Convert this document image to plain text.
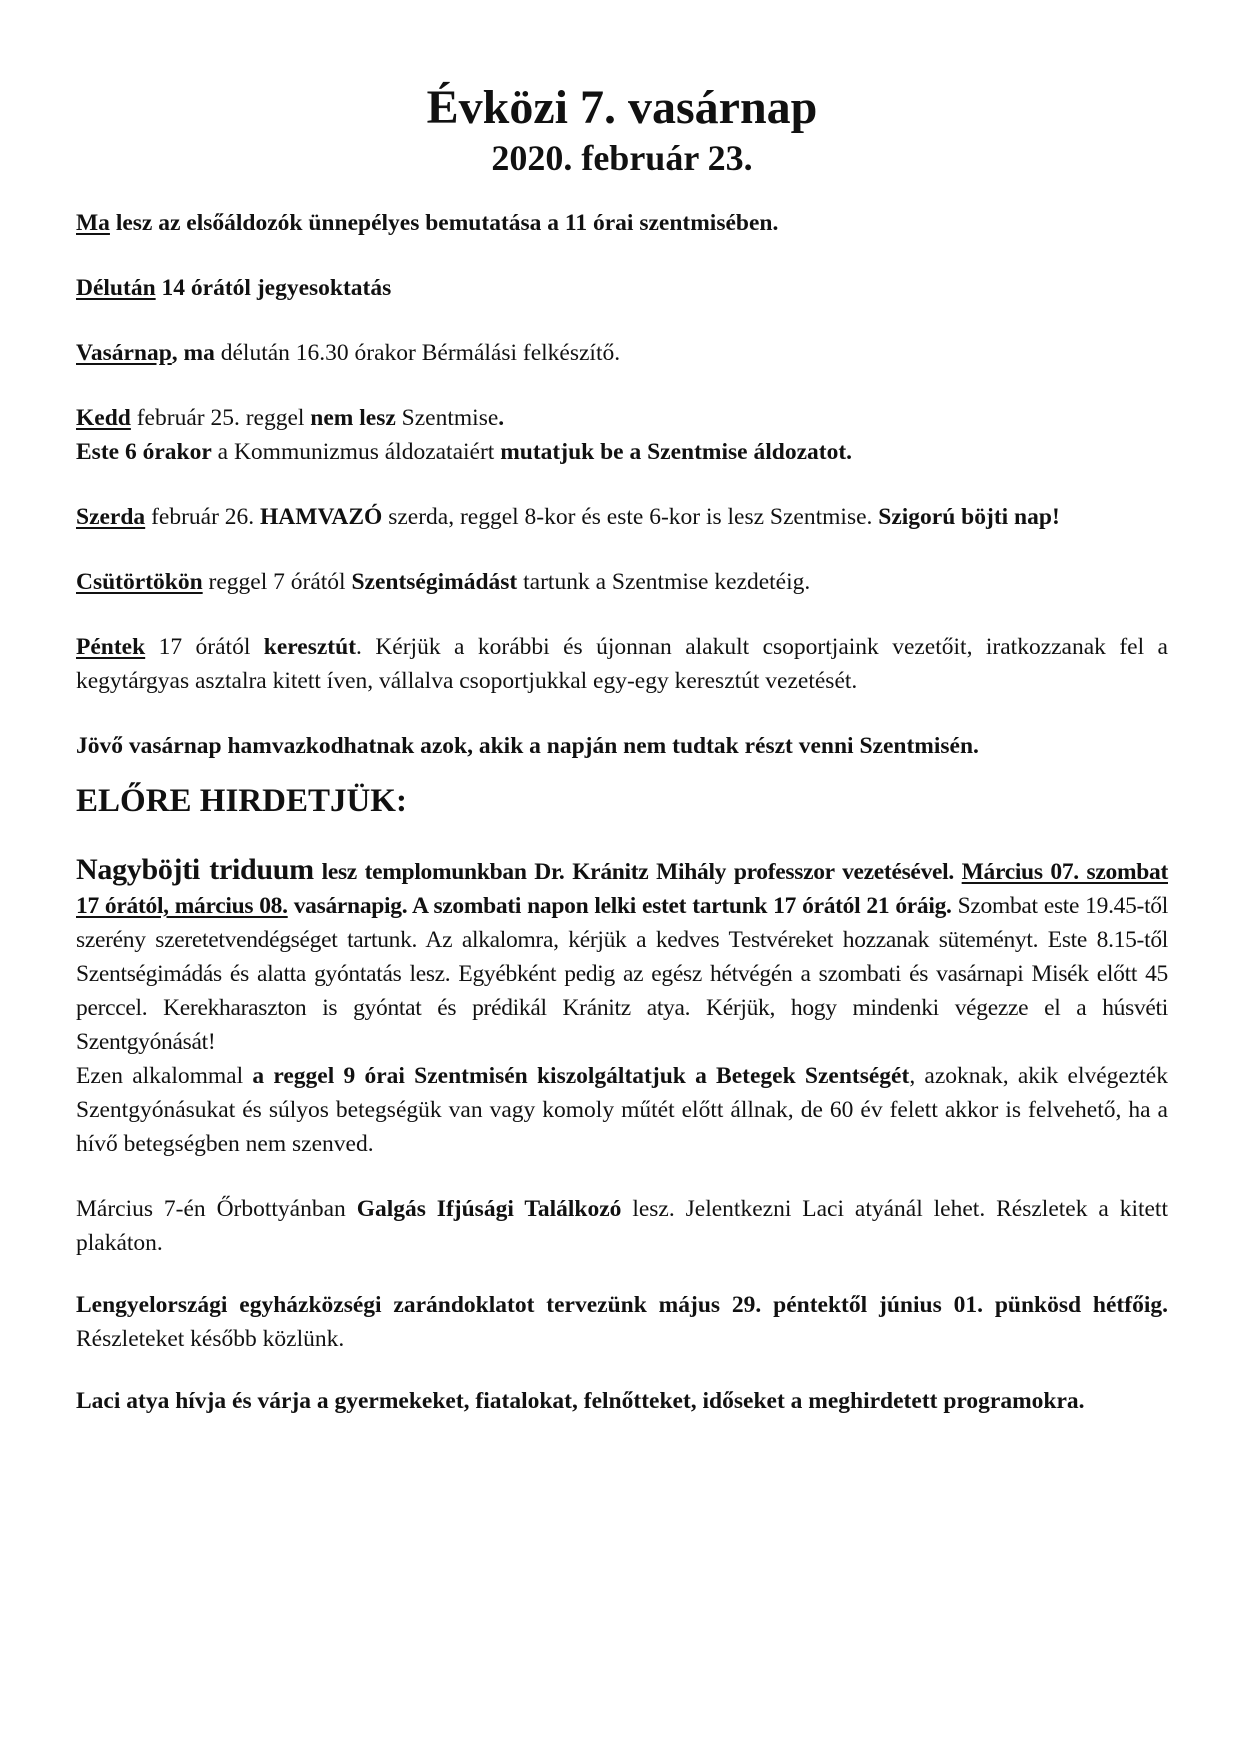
Évközi 7. vasárnap
2020. február 23.

Ma lesz az elsőáldozók ünnepélyes bemutatása a 11 órai szentmisében.

Délután 14 órától jegyesoktatás

Vasárnap, ma délután 16.30 órakor Bérmálási felkészítő.

Kedd február 25. reggel nem lesz Szentmise.

Este 6 órakor a Kommunizmus áldozataiért mutatjuk be a Szentmise áldozatot.

Szerda február 26. HAMVAZÓ szerda, reggel 8-kor és este 6-kor is lesz Szentmise. Szigorú böjti nap!

Csütörtökön reggel 7 órától Szentségimádást tartunk a Szentmise kezdetéig.

Péntek 17 órától keresztút. Kérjük a korábbi és újonnan alakult csoportjaink vezetőit, iratkozzanak fel a kegytárgyas asztalra kitett íven, vállalva csoportjukkal egy-egy keresztút vezetését.

Jövő vasárnap hamvazkodhatnak azok, akik a napján nem tudtak részt venni Szentmisén.

ELŐRE HIRDETJÜK:

Nagyböjti triduum lesz templomunkban Dr. Kránitz Mihály professzor vezetésével. Március 07. szombat 17 órától, március 08. vasárnapig. A szombati napon lelki estet tartunk 17 órától 21 óráig. Szombat este 19.45-től szerény szeretetvendégséget tartunk. Az alkalomra, kérjük a kedves Testvéreket hozzanak süteményt. Este 8.15-től Szentségimádás és alatta gyóntatás lesz. Egyébként pedig az egész hétvégén a szombati és vasárnapi Misék előtt 45 perccel. Kerekharaszton is gyóntat és prédikál Kránitz atya. Kérjük, hogy mindenki végezze el a húsvéti Szentgyónását!

Ezen alkalommal a reggel 9 órai Szentmisén kiszolgáltatjuk a Betegek Szentségét, azoknak, akik elvégezték Szentgyónásukat és súlyos betegségük van vagy komoly műtét előtt állnak, de 60 év felett akkor is felvehető, ha a hívő betegségben nem szenved.

Március 7-én Őrbottyánban Galgás Ifjúsági Találkozó lesz. Jelentkezni Laci atyánál lehet. Részletek a kitett plakáton.

Lengyelországi egyházközségi zarándoklatot tervezünk május 29. péntektől június 01. pünkösd hétfőig. Részleteket később közlünk.

Laci atya hívja és várja a gyermekeket, fiatalokat, felnőtteket, időseket a meghirdetett programokra.
